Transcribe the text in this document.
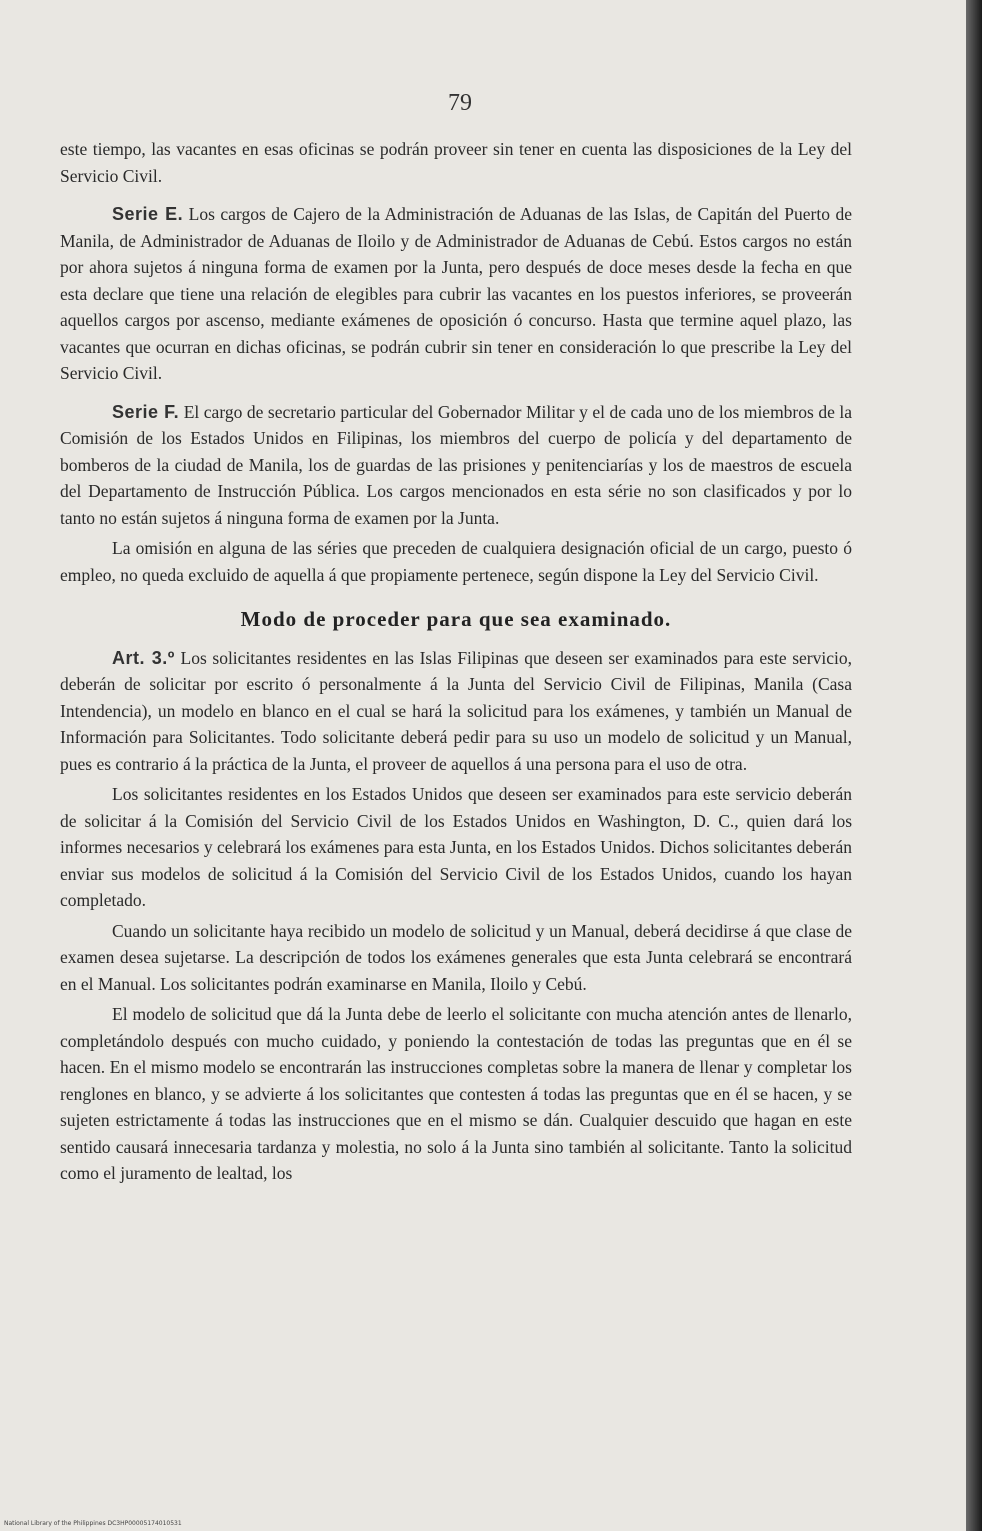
79

este tiempo, las vacantes en esas oficinas se podrán proveer sin tener en cuenta las disposiciones de la Ley del Servicio Civil.

Serie E. Los cargos de Cajero de la Administración de Aduanas de las Islas, de Capitán del Puerto de Manila, de Administrador de Aduanas de Iloilo y de Administrador de Aduanas de Cebú. Estos cargos no están por ahora sujetos á ninguna forma de examen por la Junta, pero después de doce meses desde la fecha en que esta declare que tiene una relación de elegibles para cubrir las vacantes en los puestos inferiores, se proveerán aquellos cargos por ascenso, mediante exámenes de oposición ó concurso. Hasta que termine aquel plazo, las vacantes que ocurran en dichas oficinas, se podrán cubrir sin tener en consideración lo que prescribe la Ley del Servicio Civil.

Serie F. El cargo de secretario particular del Gobernador Militar y el de cada uno de los miembros de la Comisión de los Estados Unidos en Filipinas, los miembros del cuerpo de policía y del departamento de bomberos de la ciudad de Manila, los de guardas de las prisiones y penitenciarías y los de maestros de escuela del Departamento de Instrucción Pública. Los cargos mencionados en esta série no son clasificados y por lo tanto no están sujetos á ninguna forma de examen por la Junta.

La omisión en alguna de las séries que preceden de cualquiera designación oficial de un cargo, puesto ó empleo, no queda excluido de aquella á que propiamente pertenece, según dispone la Ley del Servicio Civil.

Modo de proceder para que sea examinado.

Art. 3.º Los solicitantes residentes en las Islas Filipinas que deseen ser examinados para este servicio, deberán de solicitar por escrito ó personalmente á la Junta del Servicio Civil de Filipinas, Manila (Casa Intendencia), un modelo en blanco en el cual se hará la solicitud para los exámenes, y también un Manual de Información para Solicitantes. Todo solicitante deberá pedir para su uso un modelo de solicitud y un Manual, pues es contrario á la práctica de la Junta, el proveer de aquellos á una persona para el uso de otra.

Los solicitantes residentes en los Estados Unidos que deseen ser examinados para este servicio deberán de solicitar á la Comisión del Servicio Civil de los Estados Unidos en Washington, D. C., quien dará los informes necesarios y celebrará los exámenes para esta Junta, en los Estados Unidos. Dichos solicitantes deberán enviar sus modelos de solicitud á la Comisión del Servicio Civil de los Estados Unidos, cuando los hayan completado.

Cuando un solicitante haya recibido un modelo de solicitud y un Manual, deberá decidirse á que clase de examen desea sujetarse. La descripción de todos los exámenes generales que esta Junta celebrará se encontrará en el Manual. Los solicitantes podrán examinarse en Manila, Iloilo y Cebú.

El modelo de solicitud que dá la Junta debe de leerlo el solicitante con mucha atención antes de llenarlo, completándolo después con mucho cuidado, y poniendo la contestación de todas las preguntas que en él se hacen. En el mismo modelo se encontrarán las instrucciones completas sobre la manera de llenar y completar los renglones en blanco, y se advierte á los solicitantes que contesten á todas las preguntas que en él se hacen, y se sujeten estrictamente á todas las instrucciones que en el mismo se dán. Cualquier descuido que hagan en este sentido causará innecesaria tardanza y molestia, no solo á la Junta sino también al solicitante. Tanto la solicitud como el juramento de lealtad, los

National Library of the Philippines DC3HP00005174010531
